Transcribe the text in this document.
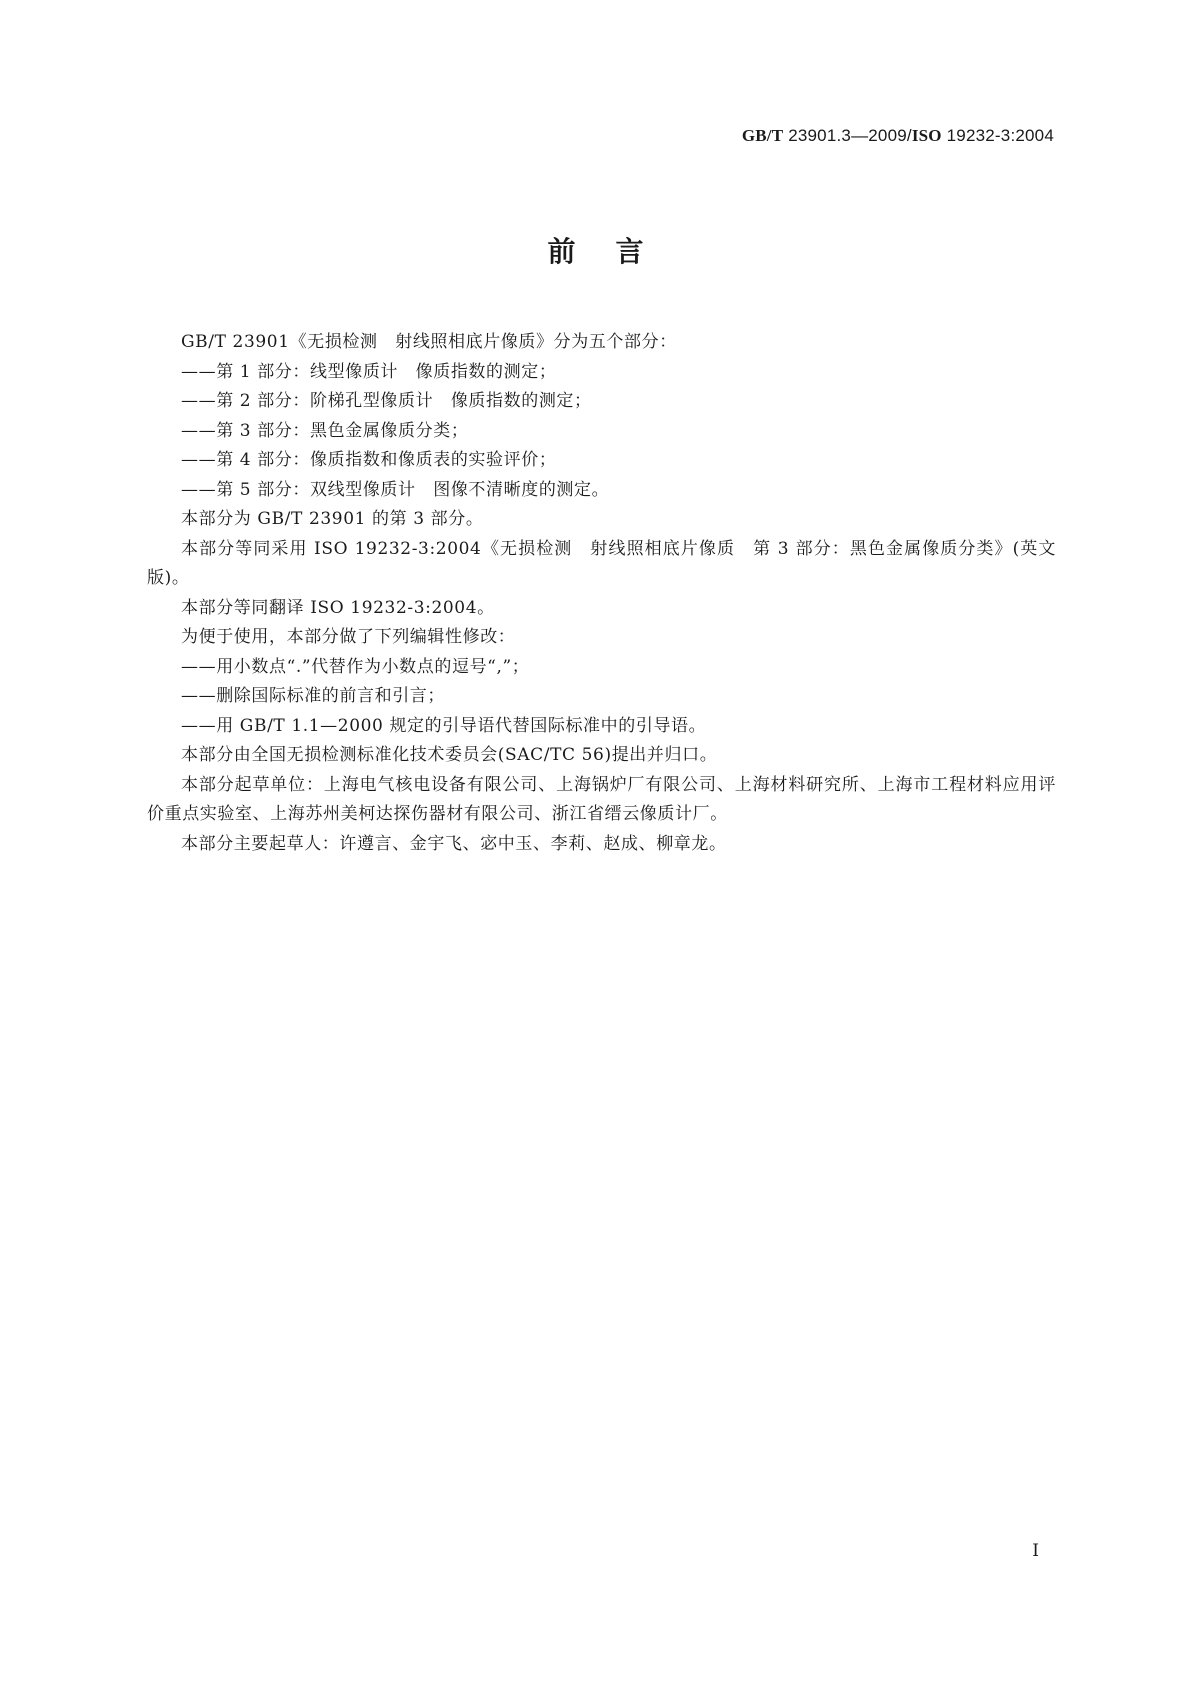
GB/T 23901.3—2009/ISO 19232-3:2004
前言

GB/T 23901《无损检测　射线照相底片像质》分为五个部分：

——第 1 部分：线型像质计　像质指数的测定；

——第 2 部分：阶梯孔型像质计　像质指数的测定；

——第 3 部分：黑色金属像质分类；

——第 4 部分：像质指数和像质表的实验评价；

——第 5 部分：双线型像质计　图像不清晰度的测定。

本部分为 GB/T 23901 的第 3 部分。

本部分等同采用 ISO 19232-3:2004《无损检测　射线照相底片像质　第 3 部分：黑色金属像质分类》(英文版)。

本部分等同翻译 ISO 19232-3:2004。

为便于使用，本部分做了下列编辑性修改：

——用小数点“.”代替作为小数点的逗号“,”；

——删除国际标准的前言和引言；

——用 GB/T 1.1—2000 规定的引导语代替国际标准中的引导语。

本部分由全国无损检测标准化技术委员会(SAC/TC 56)提出并归口。

本部分起草单位：上海电气核电设备有限公司、上海锅炉厂有限公司、上海材料研究所、上海市工程材料应用评价重点实验室、上海苏州美柯达探伤器材有限公司、浙江省缙云像质计厂。

本部分主要起草人：许遵言、金宇飞、宓中玉、李莉、赵成、柳章龙。

I
